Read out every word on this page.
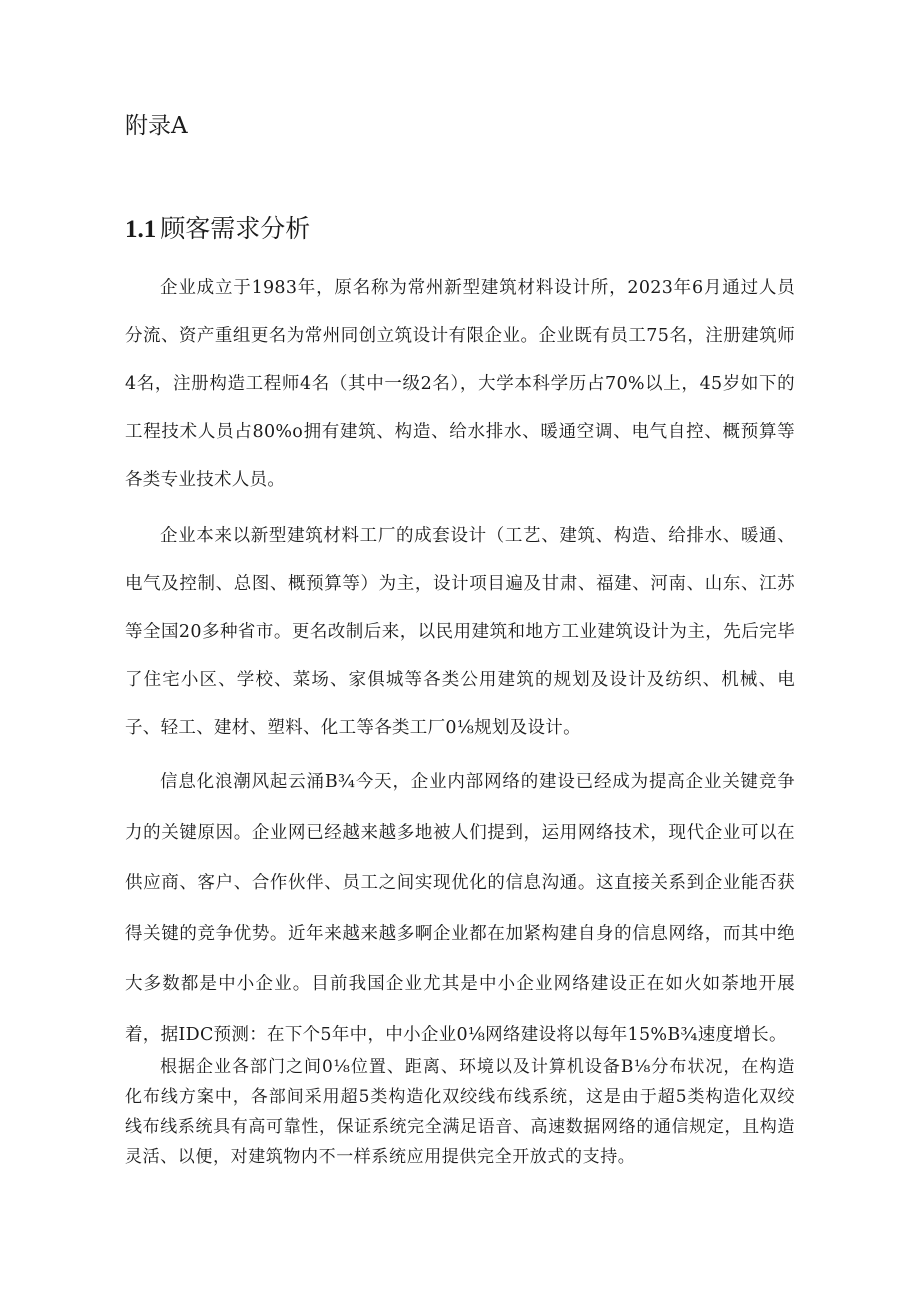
附录A
1.1 顾客需求分析

企业成立于1983年，原名称为常州新型建筑材料设计所，2023年6月通过人员分流、资产重组更名为常州同创立筑设计有限企业。企业既有员工75名，注册建筑师4名，注册构造工程师4名（其中一级2名），大学本科学历占70%以上，45岁如下的工程技术人员占80%o拥有建筑、构造、给水排水、暖通空调、电气自控、概预算等各类专业技术人员。

企业本来以新型建筑材料工厂的成套设计（工艺、建筑、构造、给排水、暖通、电气及控制、总图、概预算等）为主，设计项目遍及甘肃、福建、河南、山东、江苏等全国20多种省市。更名改制后来，以民用建筑和地方工业建筑设计为主，先后完毕了住宅小区、学校、菜场、家俱城等各类公用建筑的规划及设计及纺织、机械、电子、轻工、建材、塑料、化工等各类工厂0⅛规划及设计。

信息化浪潮风起云涌B¾今天，企业内部网络的建设已经成为提高企业关键竞争力的关键原因。企业网已经越来越多地被人们提到，运用网络技术，现代企业可以在供应商、客户、合作伙伴、员工之间实现优化的信息沟通。这直接关系到企业能否获得关键的竞争优势。近年来越来越多啊企业都在加紧构建自身的信息网络，而其中绝大多数都是中小企业。目前我国企业尤其是中小企业网络建设正在如火如荼地开展着，据IDC预测：在下个5年中，中小企业0⅛网络建设将以每年15%B¾速度增长。

根据企业各部门之间0⅛位置、距离、环境以及计算机设备B⅛分布状况，在构造化布线方案中，各部间采用超5类构造化双绞线布线系统，这是由于超5类构造化双绞线布线系统具有高可靠性，保证系统完全满足语音、高速数据网络的通信规定，且构造灵活、以便，对建筑物内不一样系统应用提供完全开放式的支持。
